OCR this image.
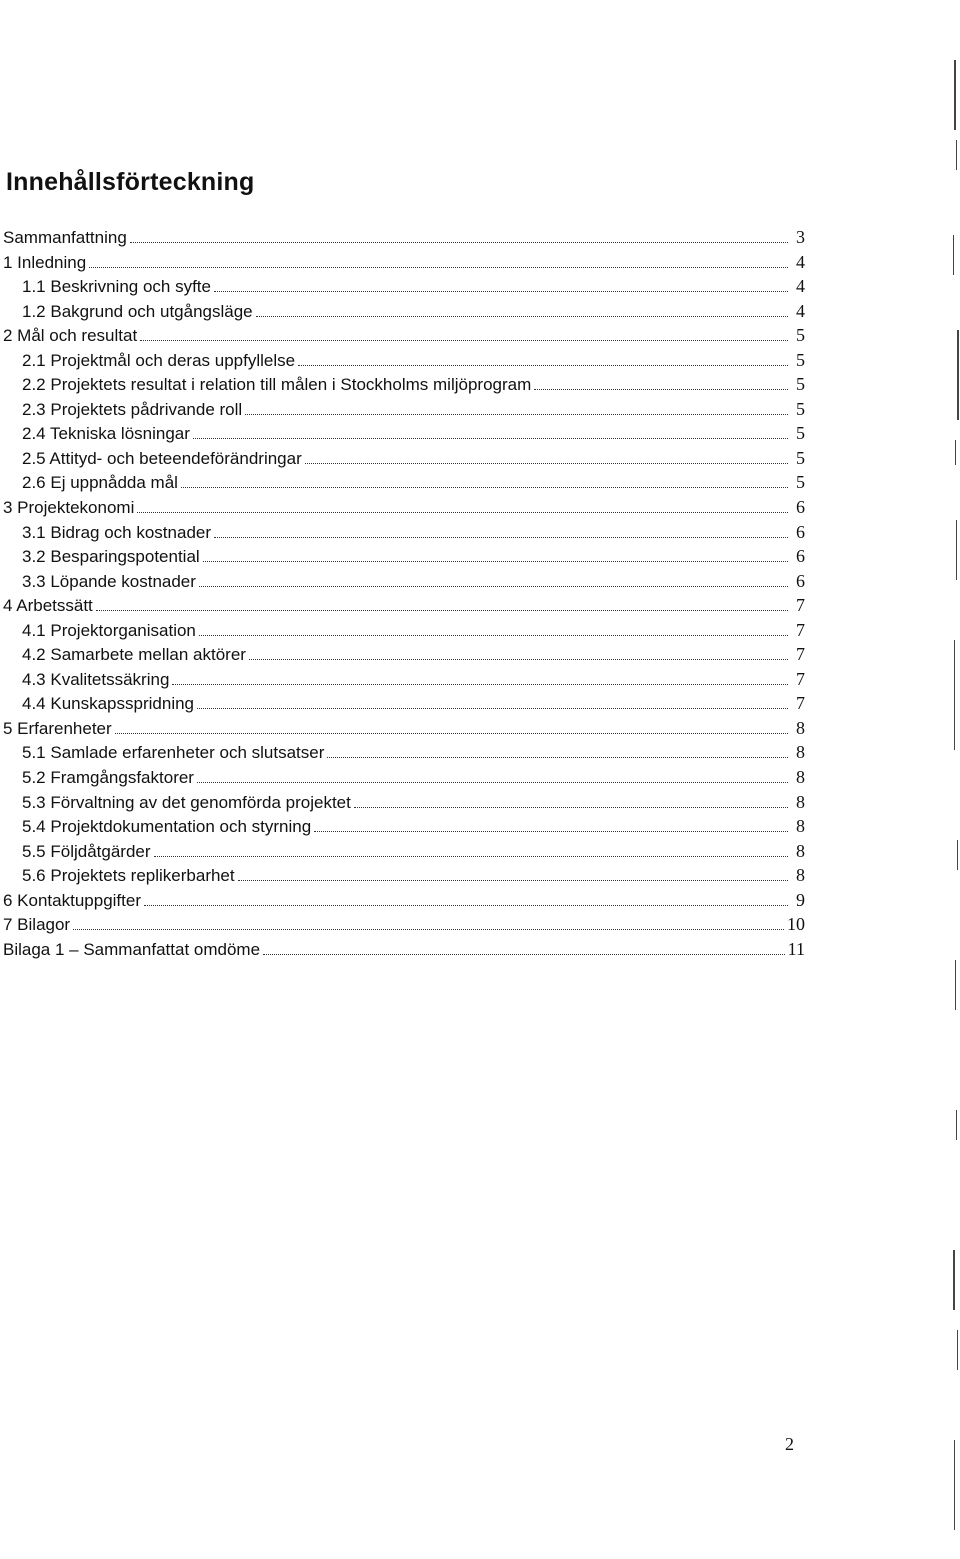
Innehållsförteckning
Sammanfattning	3
1 Inledning	4
1.1 Beskrivning och syfte	4
1.2 Bakgrund och utgångsläge	4
2 Mål och resultat	5
2.1 Projektmål och deras uppfyllelse	5
2.2 Projektets resultat i relation till målen i Stockholms miljöprogram	5
2.3 Projektets pådrivande roll	5
2.4 Tekniska lösningar	5
2.5 Attityd- och beteendeförändringar	5
2.6 Ej uppnådda mål	5
3 Projektekonomi	6
3.1 Bidrag och kostnader	6
3.2 Besparingspotential	6
3.3 Löpande kostnader	6
4 Arbetssätt	7
4.1 Projektorganisation	7
4.2 Samarbete mellan aktörer	7
4.3 Kvalitetssäkring	7
4.4 Kunskapsspridning	7
5 Erfarenheter	8
5.1 Samlade erfarenheter och slutsatser	8
5.2 Framgångsfaktorer	8
5.3 Förvaltning av det genomförda projektet	8
5.4 Projektdokumentation och styrning	8
5.5 Följdåtgärder	8
5.6 Projektets replikerbarhet	8
6 Kontaktuppgifter	9
7 Bilagor	10
Bilaga 1 – Sammanfattat omdöme	11
2
